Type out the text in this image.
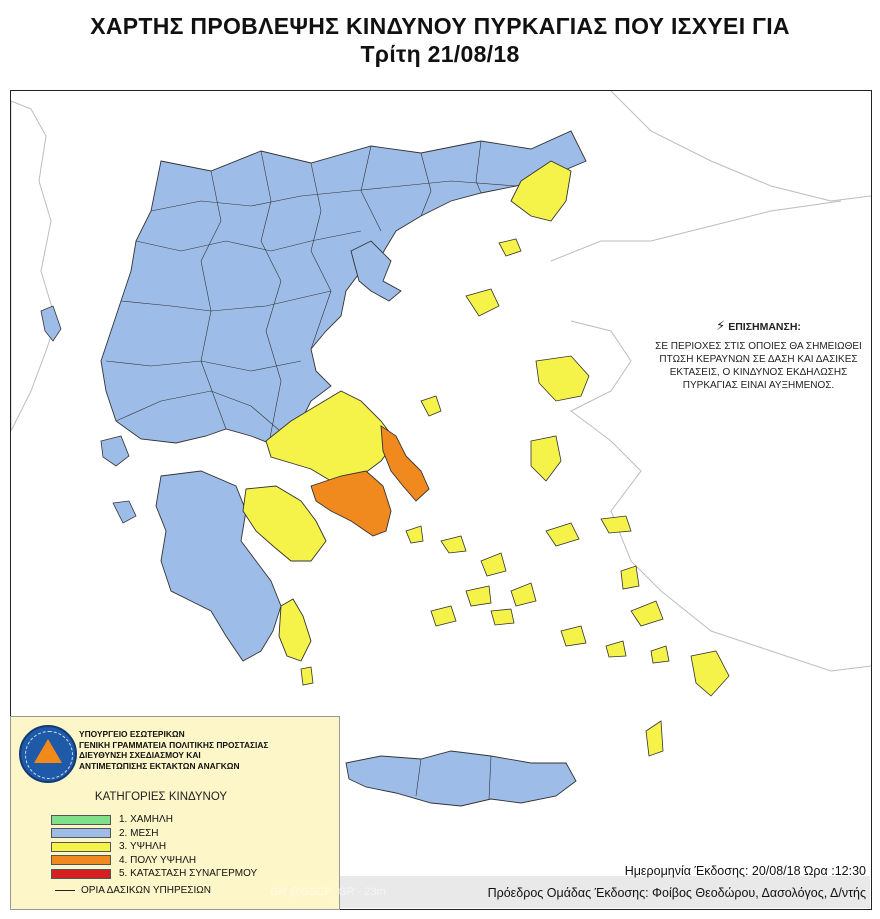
ΧΑΡΤΗΣ ΠΡΟΒΛΕΨΗΣ ΚΙΝΔΥΝΟΥ ΠΥΡΚΑΓΙΑΣ ΠΟΥ ΙΣΧΥΕΙ ΓΙΑ
Τρίτη 21/08/18
⚡ ΕΠΙΣΗΜΑΝΣΗ:
ΣΕ ΠΕΡΙΟΧΕΣ ΣΤΙΣ ΟΠΟΙΕΣ ΘΑ ΣΗΜΕΙΩΘΕΙ ΠΤΩΣΗ ΚΕΡΑΥΝΩΝ ΣΕ ΔΑΣΗ ΚΑΙ ΔΑΣΙΚΕΣ ΕΚΤΑΣΕΙΣ, Ο ΚΙΝΔΥΝΟΣ ΕΚΔΗΛΩΣΗΣ ΠΥΡΚΑΓΙΑΣ ΕΙΝΑΙ ΑΥΞΗΜΕΝΟΣ.
ΥΠΟΥΡΓΕΙΟ ΕΣΩΤΕΡΙΚΩΝ
ΓΕΝΙΚΗ ΓΡΑΜΜΑΤΕΙΑ ΠΟΛΙΤΙΚΗΣ ΠΡΟΣΤΑΣΙΑΣ
ΔΙΕΥΘΥΝΣΗ ΣΧΕΔΙΑΣΜΟΥ ΚΑΙ
ΑΝΤΙΜΕΤΩΠΙΣΗΣ ΕΚΤΑΚΤΩΝ ΑΝΑΓΚΩΝ
ΚΑΤΗΓΟΡΙΕΣ ΚΙΝΔΥΝΟΥ
1. ΧΑΜΗΛΗ
2. ΜΕΣΗ
3. ΥΨΗΛΗ
4. ΠΟΛΥ ΥΨΗΛΗ
5. ΚΑΤΑΣΤΑΣΗ ΣΥΝΑΓΕΡΜΟΥ
ΟΡΙΑ ΔΑΣΙΚΩΝ ΥΠΗΡΕΣΙΩΝ
Ημερομηνία Έκδοσης: 20/08/18 Ώρα :12:30
Πρόεδρος Ομάδας Έκδοσης: Φοίβος Θεοδώρου, Δασολόγος, Δ/ντής
GR @GSCP_GR · 23m
